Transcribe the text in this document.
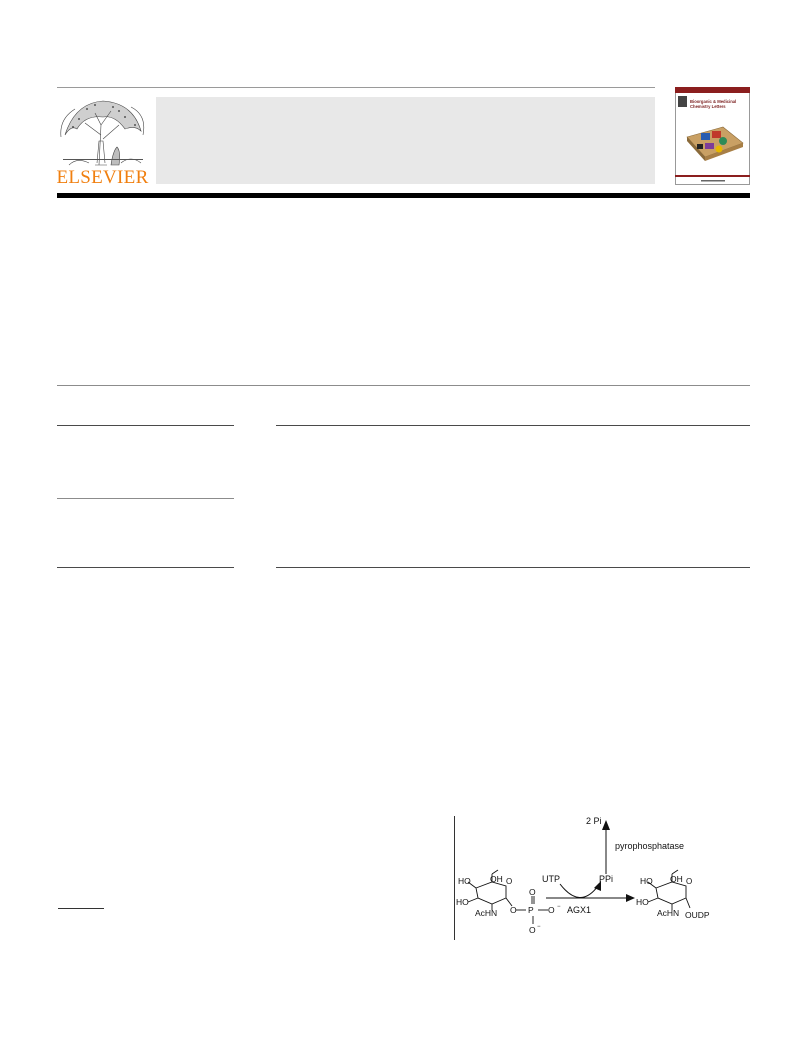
ELSEVIER
Bioorganic & Medicinal
Chemistry Letters
2 Pi
pyrophosphatase
UTP	PPi
AGX1
HO OH
HO
O
AcHN O P
O
O −
O −
HO OH
HO
O
AcHN OUDP
